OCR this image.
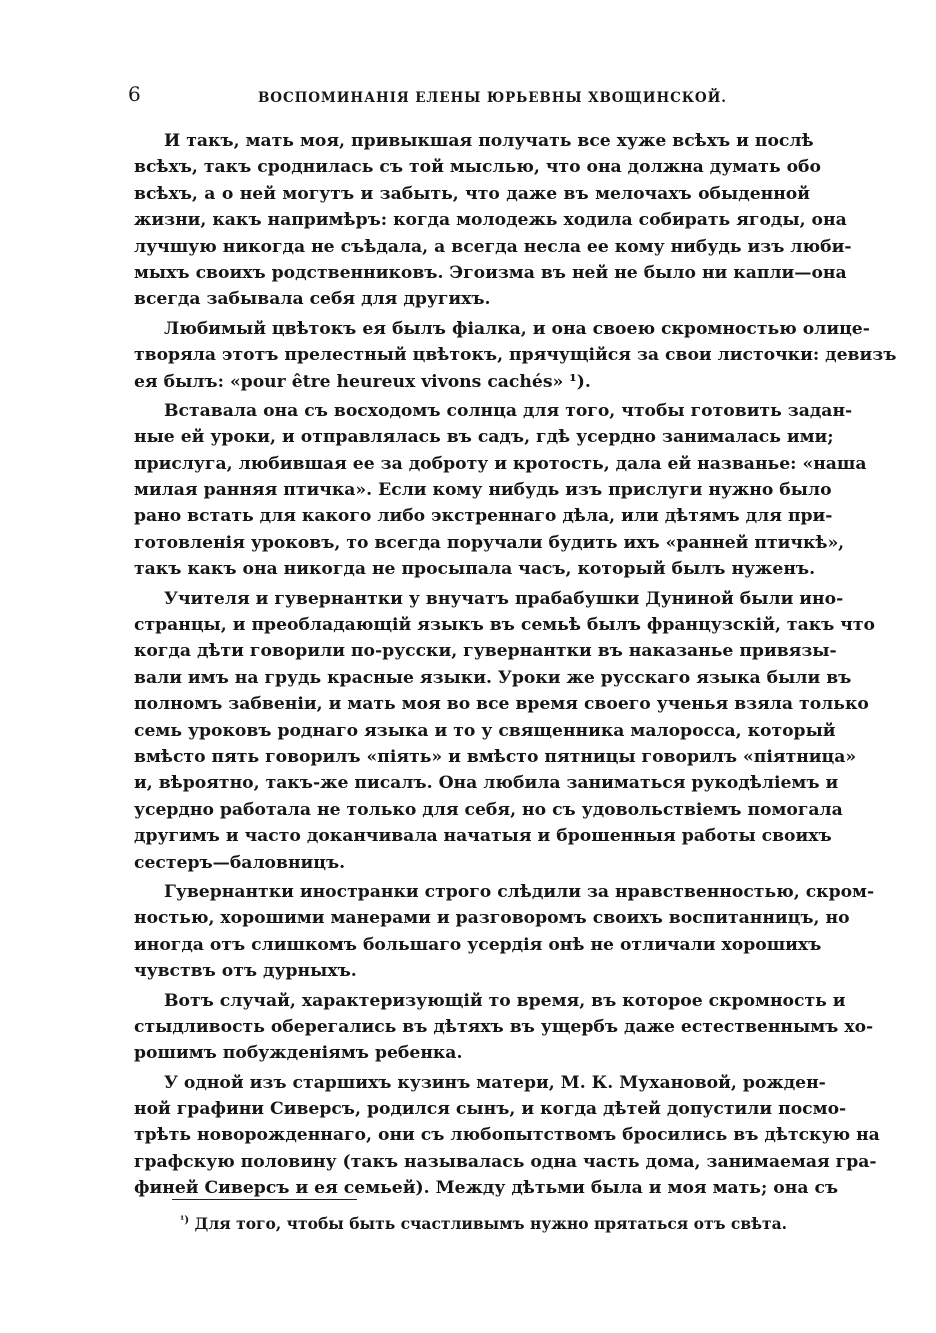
6	ВОСПОМИНАНІЯ ЕЛЕНЫ ЮРЬЕВНЫ ХВОЩИНСКОЙ.
И такъ, мать моя, привыкшая получать все хуже всѣхъ и послѣ
всѣхъ, такъ сроднилась съ той мыслью, что она должна думать обо
всѣхъ, а о ней могутъ и забыть, что даже въ мелочахъ обыденной
жизни, какъ напримѣръ: когда молодежь ходила собирать ягоды, она
лучшую никогда не съѣдала, а всегда несла ее кому нибудь изъ люби-
мыхъ своихъ родственниковъ. Эгоизма въ ней не было ни капли—она
всегда забывала себя для другихъ.
Любимый цвѣтокъ ея былъ фіалка, и она своею скромностью олице-
творяла этотъ прелестный цвѣтокъ, прячущійся за свои листочки: девизъ
ея былъ: «pour être heureux vivons cachés» ¹).
Вставала она съ восходомъ солнца для того, чтобы готовить задан-
ные ей уроки, и отправлялась въ садъ, гдѣ усердно занималась ими;
прислуга, любившая ее за доброту и кротость, дала ей названье: «наша
милая ранняя птичка». Если кому нибудь изъ прислуги нужно было
рано встать для какого либо экстреннаго дѣла, или дѣтямъ для при-
готовленія уроковъ, то всегда поручали будить ихъ «ранней птичкѣ»,
такъ какъ она никогда не просыпала часъ, который былъ нуженъ.
Учителя и гувернантки у внучатъ прабабушки Дуниной были ино-
странцы, и преобладающій языкъ въ семьѣ былъ французскій, такъ что
когда дѣти говорили по-русски, гувернантки въ наказанье привязы-
вали имъ на грудь красные языки. Уроки же русскаго языка были въ
полномъ забвеніи, и мать моя во все время своего ученья взяла только
семь уроковъ роднаго языка и то у священника малоросса, который
вмѣсто пять говорилъ «піять» и вмѣсто пятницы говорилъ «піятница»
и, вѣроятно, такъ-же писалъ. Она любила заниматься рукодѣліемъ и
усердно работала не только для себя, но съ удовольствіемъ помогала
другимъ и часто доканчивала начатыя и брошенныя работы своихъ
сестеръ—баловницъ.
Гувернантки иностранки строго слѣдили за нравственностью, скром-
ностью, хорошими манерами и разговоромъ своихъ воспитанницъ, но
иногда отъ слишкомъ большаго усердія онѣ не отличали хорошихъ
чувствъ отъ дурныхъ.
Вотъ случай, характеризующій то время, въ которое скромность и
стыдливость оберегались въ дѣтяхъ въ ущербъ даже естественнымъ хо-
рошимъ побужденіямъ ребенка.
У одной изъ старшихъ кузинъ матери, М. К. Мухановой, рожден-
ной графини Сиверсъ, родился сынъ, и когда дѣтей допустили посмо-
трѣть новорожденнаго, они съ любопытствомъ бросились въ дѣтскую на
графскую половину (такъ называлась одна часть дома, занимаемая гра-
финей Сиверсъ и ея семьей). Между дѣтьми была и моя мать; она съ
$^{^1)}$ Для того, чтобы быть счастливымъ нужно прятаться отъ свѣта.
